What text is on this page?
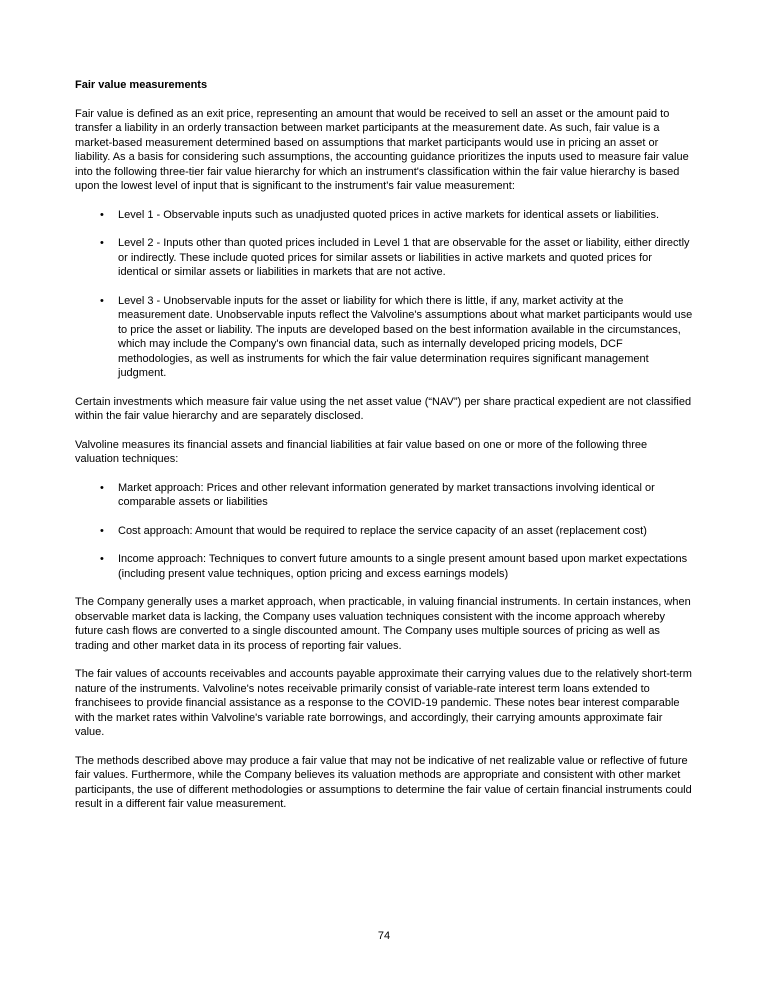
Fair value measurements

Fair value is defined as an exit price, representing an amount that would be received to sell an asset or the amount paid to transfer a liability in an orderly transaction between market participants at the measurement date. As such, fair value is a market-based measurement determined based on assumptions that market participants would use in pricing an asset or liability. As a basis for considering such assumptions, the accounting guidance prioritizes the inputs used to measure fair value into the following three-tier fair value hierarchy for which an instrument's classification within the fair value hierarchy is based upon the lowest level of input that is significant to the instrument's fair value measurement:

•	Level 1 - Observable inputs such as unadjusted quoted prices in active markets for identical assets or liabilities.
•	Level 2 - Inputs other than quoted prices included in Level 1 that are observable for the asset or liability, either directly or indirectly. These include quoted prices for similar assets or liabilities in active markets and quoted prices for identical or similar assets or liabilities in markets that are not active.
•	Level 3 - Unobservable inputs for the asset or liability for which there is little, if any, market activity at the measurement date. Unobservable inputs reflect the Valvoline's assumptions about what market participants would use to price the asset or liability. The inputs are developed based on the best information available in the circumstances, which may include the Company's own financial data, such as internally developed pricing models, DCF methodologies, as well as instruments for which the fair value determination requires significant management judgment.

Certain investments which measure fair value using the net asset value (“NAV”) per share practical expedient are not classified within the fair value hierarchy and are separately disclosed.

Valvoline measures its financial assets and financial liabilities at fair value based on one or more of the following three valuation techniques:

•	Market approach: Prices and other relevant information generated by market transactions involving identical or comparable assets or liabilities
•	Cost approach: Amount that would be required to replace the service capacity of an asset (replacement cost)
•	Income approach: Techniques to convert future amounts to a single present amount based upon market expectations (including present value techniques, option pricing and excess earnings models)

The Company generally uses a market approach, when practicable, in valuing financial instruments. In certain instances, when observable market data is lacking, the Company uses valuation techniques consistent with the income approach whereby future cash flows are converted to a single discounted amount. The Company uses multiple sources of pricing as well as trading and other market data in its process of reporting fair values.

The fair values of accounts receivables and accounts payable approximate their carrying values due to the relatively short-term nature of the instruments. Valvoline's notes receivable primarily consist of variable-rate interest term loans extended to franchisees to provide financial assistance as a response to the COVID-19 pandemic. These notes bear interest comparable with the market rates within Valvoline's variable rate borrowings, and accordingly, their carrying amounts approximate fair value.

The methods described above may produce a fair value that may not be indicative of net realizable value or reflective of future fair values. Furthermore, while the Company believes its valuation methods are appropriate and consistent with other market participants, the use of different methodologies or assumptions to determine the fair value of certain financial instruments could result in a different fair value measurement.

74
